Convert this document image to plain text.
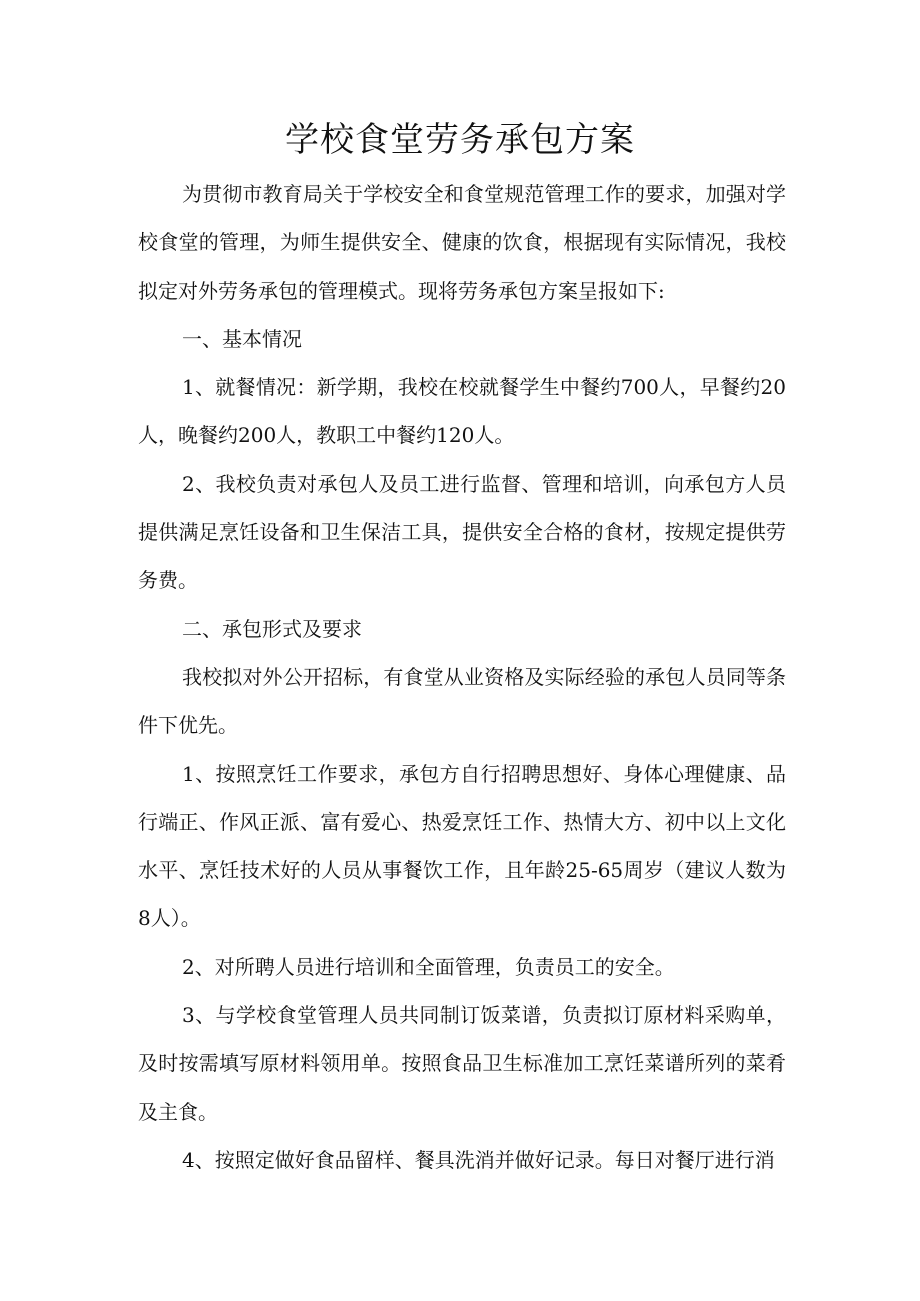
学校食堂劳务承包方案

为贯彻市教育局关于学校安全和食堂规范管理工作的要求，加强对学校食堂的管理，为师生提供安全、健康的饮食，根据现有实际情况，我校拟定对外劳务承包的管理模式。现将劳务承包方案呈报如下:

一、基本情况

1、就餐情况：新学期，我校在校就餐学生中餐约700人，早餐约20人，晚餐约200人，教职工中餐约120人。

2、我校负责对承包人及员工进行监督、管理和培训，向承包方人员提供满足烹饪设备和卫生保洁工具，提供安全合格的食材，按规定提供劳务费。

二、承包形式及要求

我校拟对外公开招标，有食堂从业资格及实际经验的承包人员同等条件下优先。

1、按照烹饪工作要求，承包方自行招聘思想好、身体心理健康、品行端正、作风正派、富有爱心、热爱烹饪工作、热情大方、初中以上文化水平、烹饪技术好的人员从事餐饮工作，且年龄25-65周岁（建议人数为8人）。

2、对所聘人员进行培训和全面管理，负责员工的安全。

3、与学校食堂管理人员共同制订饭菜谱，负责拟订原材料采购单，及时按需填写原材料领用单。按照食品卫生标准加工烹饪菜谱所列的菜肴及主食。

4、按照定做好食品留样、餐具洗消并做好记录。每日对餐厅进行消
